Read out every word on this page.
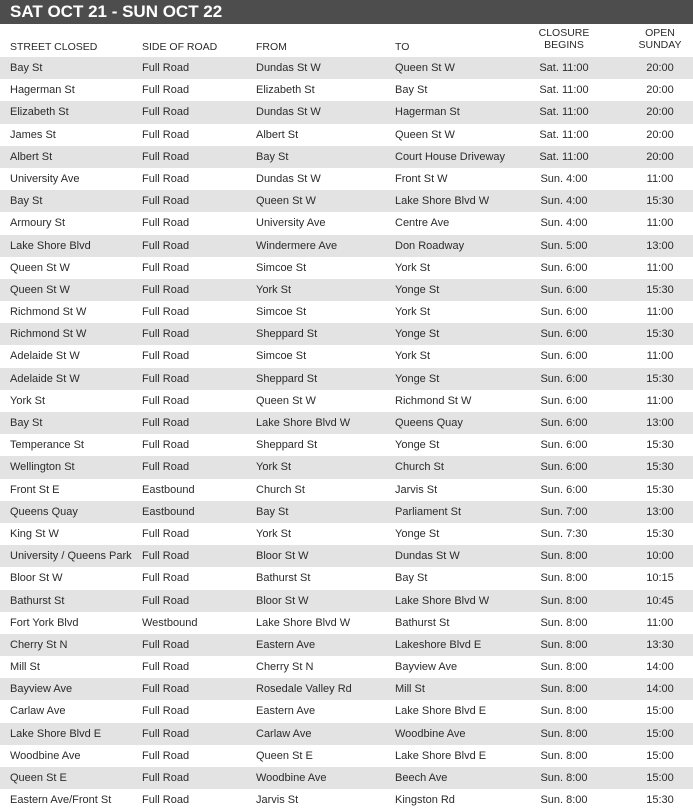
SAT OCT 21 - SUN OCT 22
STREET CLOSED	SIDE OF ROAD	FROM	TO
CLOSURE
BEGINS
OPEN
SUNDAY
Bay St	Full Road	Dundas St W	Queen St W	Sat. 11:00	20:00
Hagerman St	Full Road	Elizabeth St	Bay St	Sat. 11:00	20:00
Elizabeth St	Full Road	Dundas St W	Hagerman St	Sat. 11:00	20:00
James St	Full Road	Albert St	Queen St W	Sat. 11:00	20:00
Albert St	Full Road	Bay St	Court House Driveway	Sat. 11:00	20:00
University Ave	Full Road	Dundas St W	Front St W	Sun. 4:00	11:00
Bay St	Full Road	Queen St W	Lake Shore Blvd W	Sun. 4:00	15:30
Armoury St	Full Road	University Ave	Centre Ave	Sun. 4:00	11:00
Lake Shore Blvd	Full Road	Windermere Ave	Don Roadway	Sun. 5:00	13:00
Queen St W	Full Road	Simcoe St	York St	Sun. 6:00	11:00
Queen St W	Full Road	York St	Yonge St	Sun. 6:00	15:30
Richmond St W	Full Road	Simcoe St	York St	Sun. 6:00	11:00
Richmond St W	Full Road	Sheppard St	Yonge St	Sun. 6:00	15:30
Adelaide St W	Full Road	Simcoe St	York St	Sun. 6:00	11:00
Adelaide St W	Full Road	Sheppard St	Yonge St	Sun. 6:00	15:30
York St	Full Road	Queen St W	Richmond St W	Sun. 6:00	11:00
Bay St	Full Road	Lake Shore Blvd W	Queens Quay	Sun. 6:00	13:00
Temperance St	Full Road	Sheppard St	Yonge St	Sun. 6:00	15:30
Wellington St	Full Road	York St	Church St	Sun. 6:00	15:30
Front St E	Eastbound	Church St	Jarvis St	Sun. 6:00	15:30
Queens Quay	Eastbound	Bay St	Parliament St	Sun. 7:00	13:00
King St W	Full Road	York St	Yonge St	Sun. 7:30	15:30
University / Queens Park Full Road	Bloor St W	Dundas St W	Sun. 8:00	10:00
Bloor St W	Full Road	Bathurst St	Bay St	Sun. 8:00	10:15
Bathurst St	Full Road	Bloor St W	Lake Shore Blvd W	Sun. 8:00	10:45
Fort York Blvd	Westbound	Lake Shore Blvd W	Bathurst St	Sun. 8:00	11:00
Cherry St N	Full Road	Eastern Ave	Lakeshore Blvd E	Sun. 8:00	13:30
Mill St	Full Road	Cherry St N	Bayview Ave	Sun. 8:00	14:00
Bayview Ave	Full Road	Rosedale Valley Rd	Mill St	Sun. 8:00	14:00
Carlaw Ave	Full Road	Eastern Ave	Lake Shore Blvd E	Sun. 8:00	15:00
Lake Shore Blvd E	Full Road	Carlaw Ave	Woodbine Ave	Sun. 8:00	15:00
Woodbine Ave	Full Road	Queen St E	Lake Shore Blvd E	Sun. 8:00	15:00
Queen St E	Full Road	Woodbine Ave	Beech Ave	Sun. 8:00	15:00
Eastern Ave/Front St	Full Road	Jarvis St	Kingston Rd	Sun. 8:00	15:30
